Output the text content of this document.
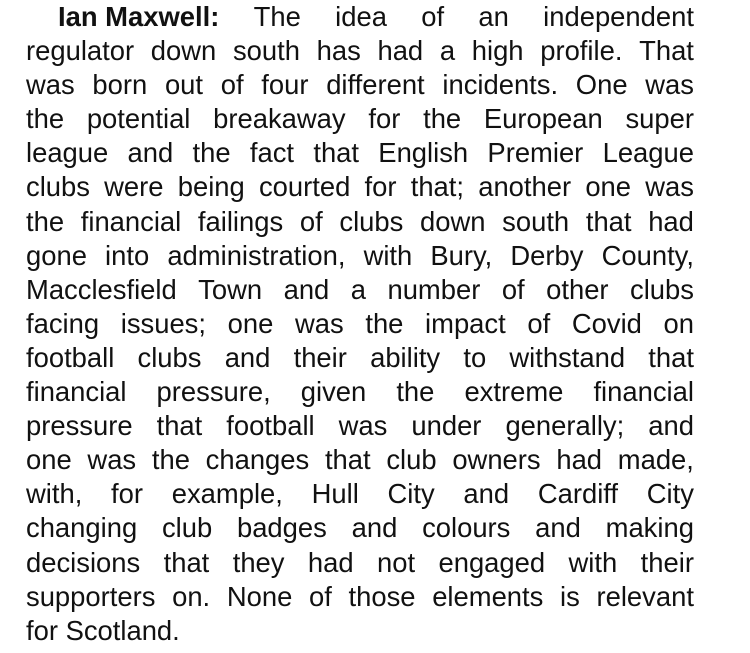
Ian Maxwell: The idea of an independent
regulator down south has had a high profile. That
was born out of four different incidents. One was
the potential breakaway for the European super
league and the fact that English Premier League
clubs were being courted for that; another one was
the financial failings of clubs down south that had
gone into administration, with Bury, Derby County,
Macclesfield Town and a number of other clubs
facing issues; one was the impact of Covid on
football clubs and their ability to withstand that
financial pressure, given the extreme financial
pressure that football was under generally; and
one was the changes that club owners had made,
with, for example, Hull City and Cardiff City
changing club badges and colours and making
decisions that they had not engaged with their
supporters on. None of those elements is relevant
for Scotland.
